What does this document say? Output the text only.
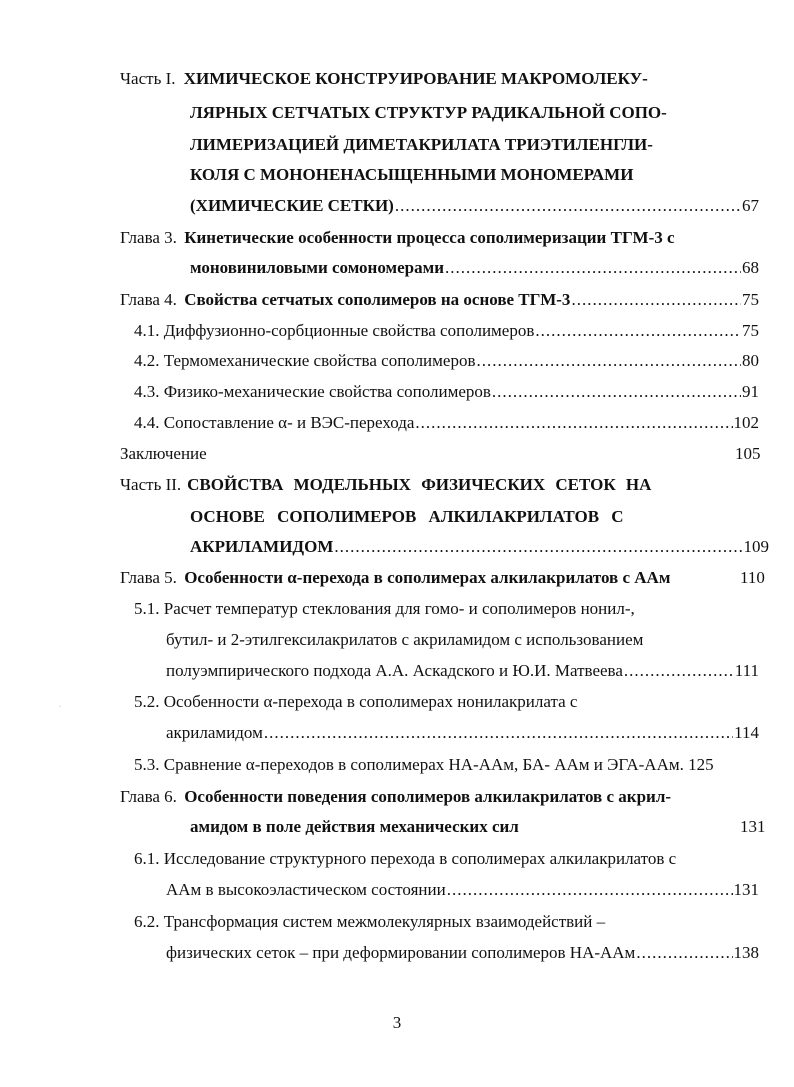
Часть I. ХИМИЧЕСКОЕ КОНСТРУИРОВАНИЕ МАКРОМОЛЕКУ-
ЛЯРНЫХ СЕТЧАТЫХ СТРУКТУР РАДИКАЛЬНОЙ СОПО-
ЛИМЕРИЗАЦИЕЙ ДИМЕТАКРИЛАТА ТРИЭТИЛЕНГЛИ-
КОЛЯ С МОНОНЕНАСЫЩЕННЫМИ МОНОМЕРАМИ
(ХИМИЧЕСКИЕ СЕТКИ) .....	67
Глава 3. Кинетические особенности процесса сополимеризации ТГМ-3 с
моновиниловыми сомономерами .....	68
Глава 4. Свойства сетчатых сополимеров на основе ТГМ-3 .....	75
4.1. Диффузионно-сорбционные свойства сополимеров .....	75
4.2. Термомеханические свойства сополимеров .....	80
4.3. Физико-механические свойства сополимеров .....	91
4.4. Сопоставление α- и ВЭС-перехода .....	102
Заключение	105
Часть II. СВОЙСТВА МОДЕЛЬНЫХ ФИЗИЧЕСКИХ СЕТОК НА
ОСНОВЕ СОПОЛИМЕРОВ АЛКИЛАКРИЛАТОВ С
АКРИЛАМИДОМ .....	109
Глава 5. Особенности α-перехода в сополимерах алкилакрилатов с ААм	110
5.1. Расчет температур стеклования для гомо- и сополимеров нонил-,
бутил- и 2-этилгексилакрилатов с акриламидом с использованием
полуэмпирического подхода А.А. Аскадского и Ю.И. Матвеева .....	111
5.2. Особенности α-перехода в сополимерах нонилакрилата с
акриламидом .....	114
5.3. Сравнение α-переходов в сополимерах НА-ААм, БА- ААм и ЭГА-ААм. 125
Глава 6. Особенности поведения сополимеров алкилакрилатов с акрил-
амидом в поле действия механических сил	131
6.1. Исследование структурного перехода в сополимерах алкилакрилатов с
ААм в высокоэластическом состоянии .....	131
6.2. Трансформация систем межмолекулярных взаимодействий –
физических сеток – при деформировании сополимеров НА-ААм .....	138
·
3
